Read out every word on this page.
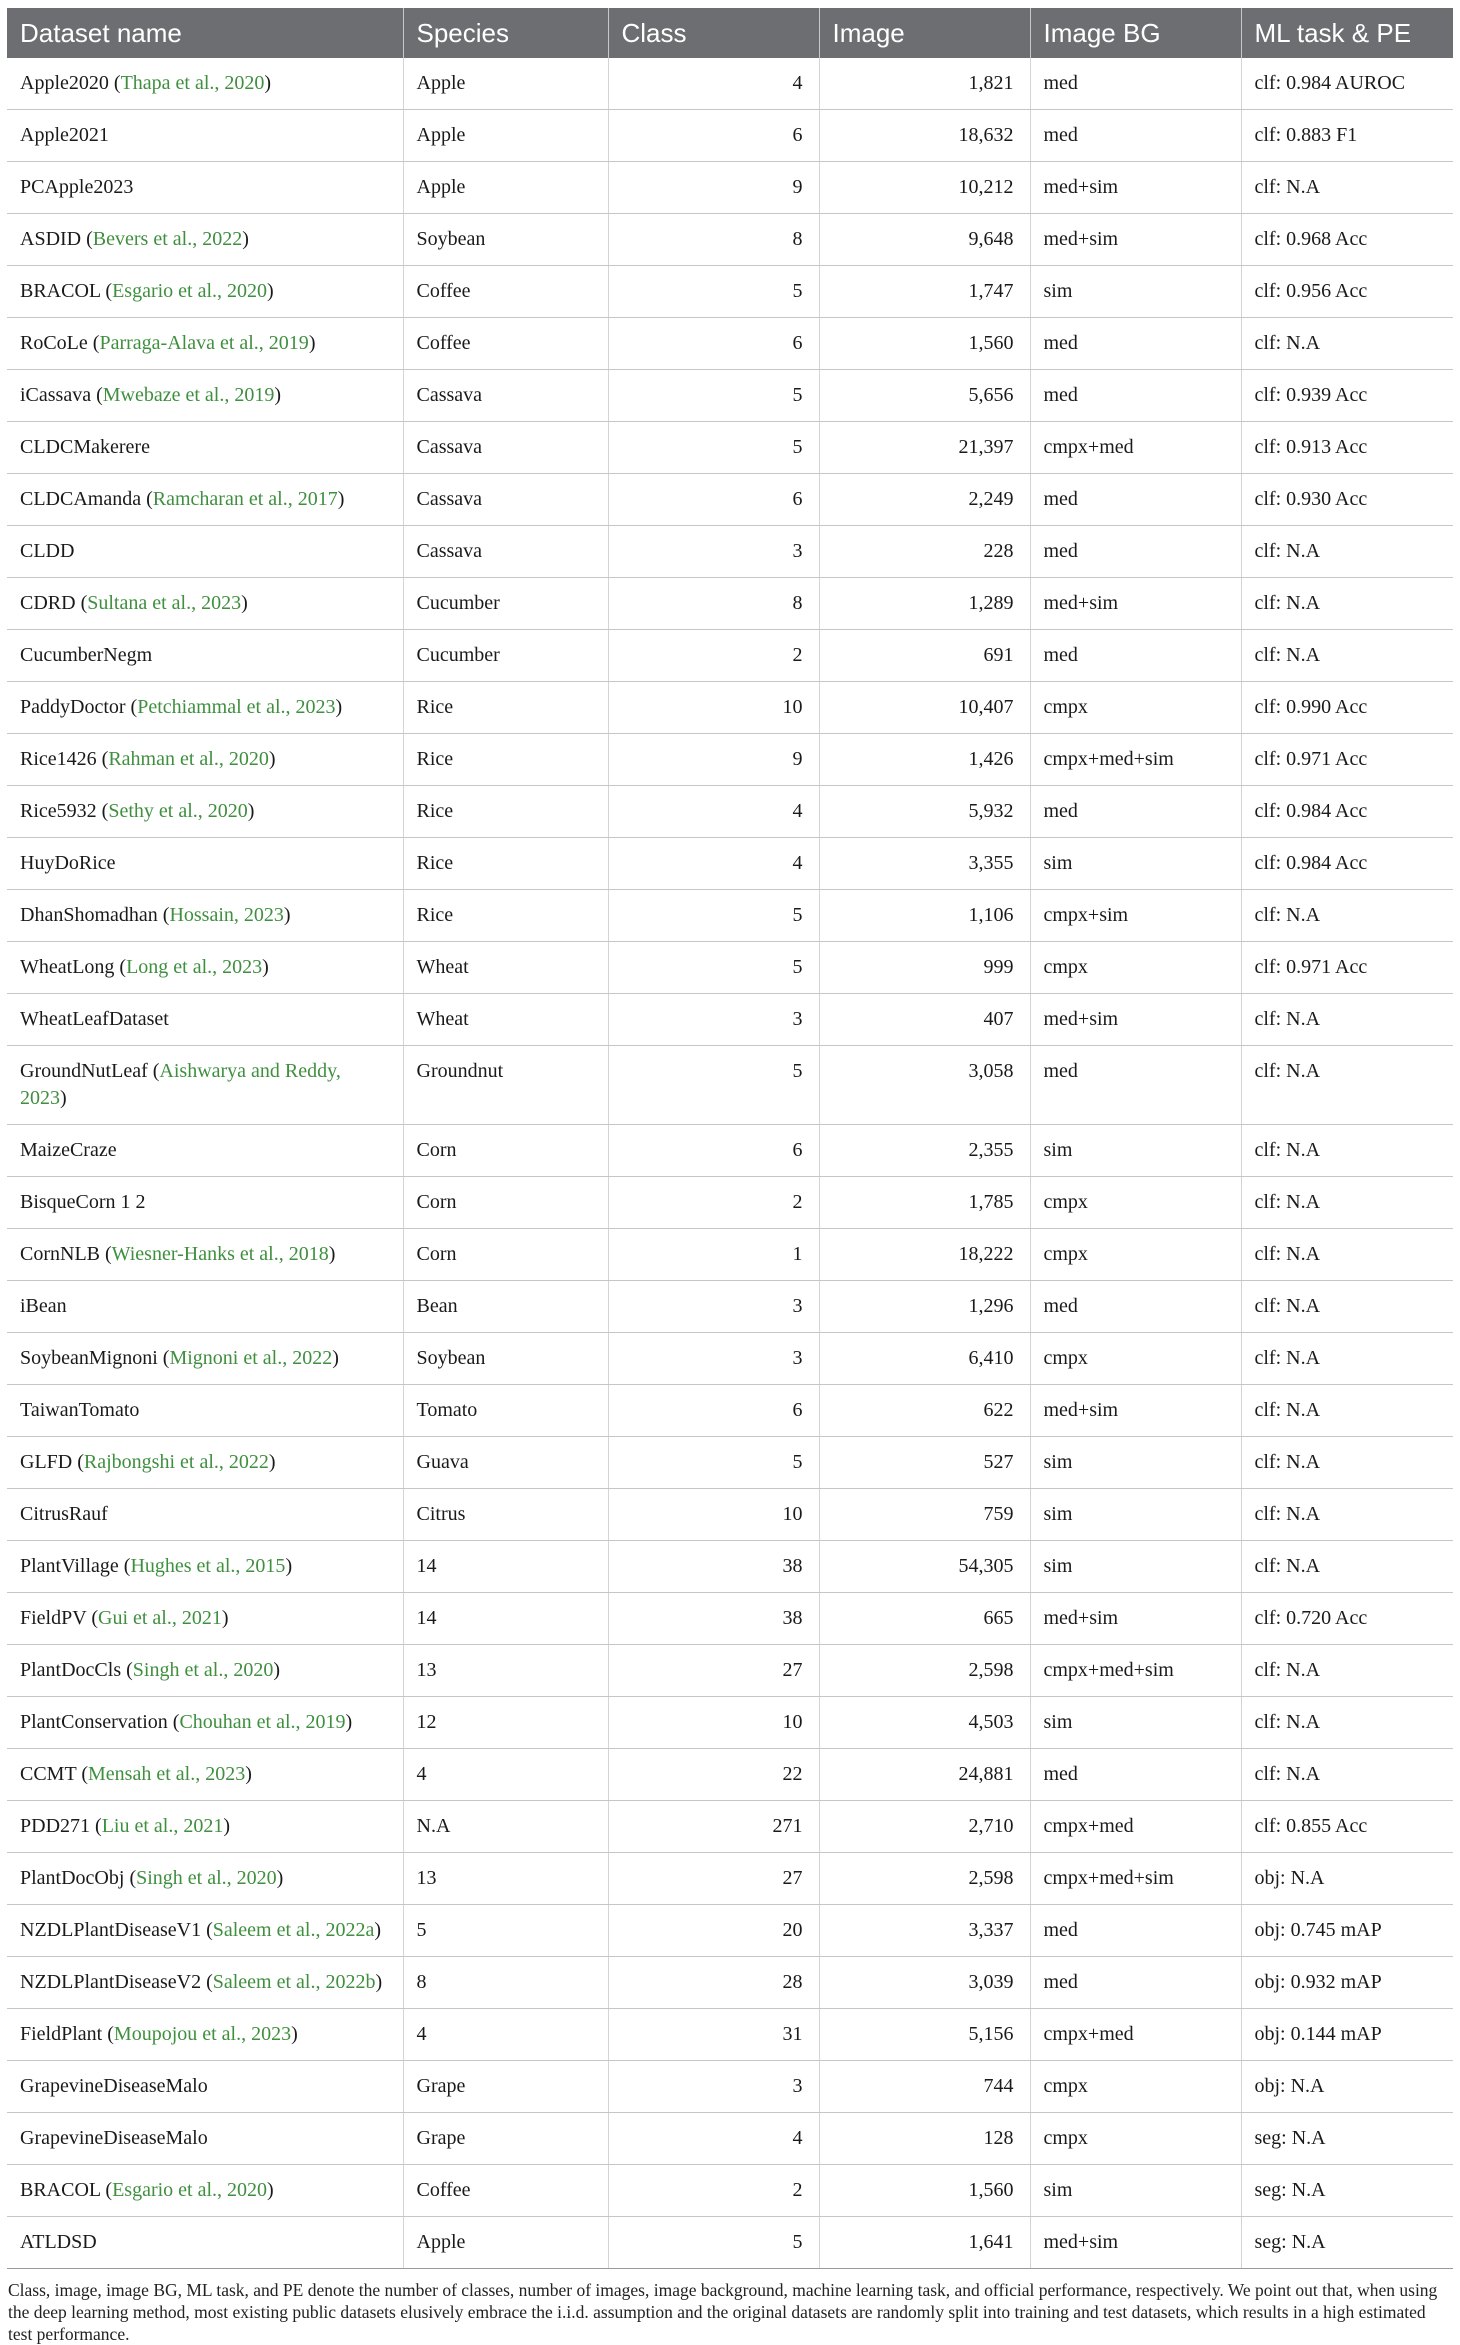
Dataset name	Species	Class	Image	Image BG	ML task & PE
Apple2020 (Thapa et al., 2020)	Apple	4	1,821	med	clf: 0.984 AUROC
Apple2021	Apple	6	18,632	med	clf: 0.883 F1
PCApple2023	Apple	9	10,212	med+sim	clf: N.A
ASDID (Bevers et al., 2022)	Soybean	8	9,648	med+sim	clf: 0.968 Acc
BRACOL (Esgario et al., 2020)	Coffee	5	1,747	sim	clf: 0.956 Acc
RoCoLe (Parraga-Alava et al., 2019)	Coffee	6	1,560	med	clf: N.A
iCassava (Mwebaze et al., 2019)	Cassava	5	5,656	med	clf: 0.939 Acc
CLDCMakerere	Cassava	5	21,397	cmpx+med	clf: 0.913 Acc
CLDCAmanda (Ramcharan et al., 2017)	Cassava	6	2,249	med	clf: 0.930 Acc
CLDD	Cassava	3	228	med	clf: N.A
CDRD (Sultana et al., 2023)	Cucumber	8	1,289	med+sim	clf: N.A
CucumberNegm	Cucumber	2	691	med	clf: N.A
PaddyDoctor (Petchiammal et al., 2023)	Rice	10	10,407	cmpx	clf: 0.990 Acc
Rice1426 (Rahman et al., 2020)	Rice	9	1,426	cmpx+med+sim	clf: 0.971 Acc
Rice5932 (Sethy et al., 2020)	Rice	4	5,932	med	clf: 0.984 Acc
HuyDoRice	Rice	4	3,355	sim	clf: 0.984 Acc
DhanShomadhan (Hossain, 2023)	Rice	5	1,106	cmpx+sim	clf: N.A
WheatLong (Long et al., 2023)	Wheat	5	999	cmpx	clf: 0.971 Acc
WheatLeafDataset	Wheat	3	407	med+sim	clf: N.A
GroundNutLeaf (Aishwarya and Reddy, 2023)	Groundnut	5	3,058	med	clf: N.A
MaizeCraze	Corn	6	2,355	sim	clf: N.A
BisqueCorn 1 2	Corn	2	1,785	cmpx	clf: N.A
CornNLB (Wiesner-Hanks et al., 2018)	Corn	1	18,222	cmpx	clf: N.A
iBean	Bean	3	1,296	med	clf: N.A
SoybeanMignoni (Mignoni et al., 2022)	Soybean	3	6,410	cmpx	clf: N.A
TaiwanTomato	Tomato	6	622	med+sim	clf: N.A
GLFD (Rajbongshi et al., 2022)	Guava	5	527	sim	clf: N.A
CitrusRauf	Citrus	10	759	sim	clf: N.A
PlantVillage (Hughes et al., 2015)	14	38	54,305	sim	clf: N.A
FieldPV (Gui et al., 2021)	14	38	665	med+sim	clf: 0.720 Acc
PlantDocCls (Singh et al., 2020)	13	27	2,598	cmpx+med+sim	clf: N.A
PlantConservation (Chouhan et al., 2019)	12	10	4,503	sim	clf: N.A
CCMT (Mensah et al., 2023)	4	22	24,881	med	clf: N.A
PDD271 (Liu et al., 2021)	N.A	271	2,710	cmpx+med	clf: 0.855 Acc
PlantDocObj (Singh et al., 2020)	13	27	2,598	cmpx+med+sim	obj: N.A
NZDLPlantDiseaseV1 (Saleem et al., 2022a)	5	20	3,337	med	obj: 0.745 mAP
NZDLPlantDiseaseV2 (Saleem et al., 2022b)	8	28	3,039	med	obj: 0.932 mAP
FieldPlant (Moupojou et al., 2023)	4	31	5,156	cmpx+med	obj: 0.144 mAP
GrapevineDiseaseMalo	Grape	3	744	cmpx	obj: N.A
GrapevineDiseaseMalo	Grape	4	128	cmpx	seg: N.A
BRACOL (Esgario et al., 2020)	Coffee	2	1,560	sim	seg: N.A
ATLDSD	Apple	5	1,641	med+sim	seg: N.A
Class, image, image BG, ML task, and PE denote the number of classes, number of images, image background, machine learning task, and official performance, respectively. We point out that, when using the deep learning method, most existing public datasets elusively embrace the i.i.d. assumption and the original datasets are randomly split into training and test datasets, which results in a high estimated test performance.
